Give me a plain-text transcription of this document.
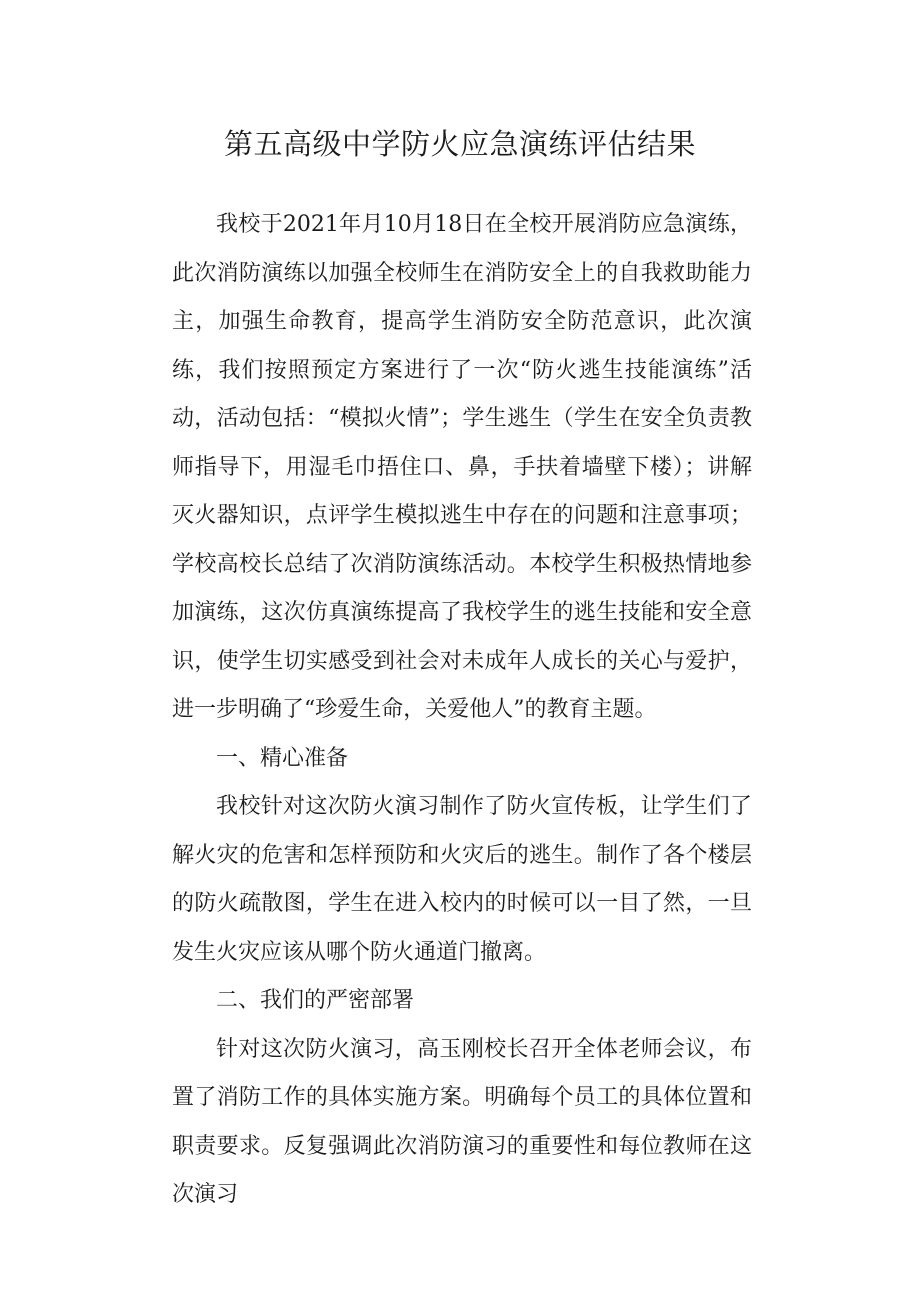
第五高级中学防火应急演练评估结果

我校于2021年月10月18日在全校开展消防应急演练，此次消防演练以加强全校师生在消防安全上的自我救助能力主，加强生命教育，提高学生消防安全防范意识，此次演练，我们按照预定方案进行了一次“防火逃生技能演练”活动，活动包括：“模拟火情”；学生逃生（学生在安全负责教师指导下，用湿毛巾捂住口、鼻，手扶着墙壁下楼）；讲解灭火器知识，点评学生模拟逃生中存在的问题和注意事项；学校高校长总结了次消防演练活动。本校学生积极热情地参加演练，这次仿真演练提高了我校学生的逃生技能和安全意识，使学生切实感受到社会对未成年人成长的关心与爱护，进一步明确了“珍爱生命，关爱他人”的教育主题。

一、精心准备

我校针对这次防火演习制作了防火宣传板，让学生们了解火灾的危害和怎样预防和火灾后的逃生。制作了各个楼层的防火疏散图，学生在进入校内的时候可以一目了然，一旦发生火灾应该从哪个防火通道门撤离。

二、我们的严密部署

针对这次防火演习，高玉刚校长召开全体老师会议，布置了消防工作的具体实施方案。明确每个员工的具体位置和职责要求。反复强调此次消防演习的重要性和每位教师在这次演习
